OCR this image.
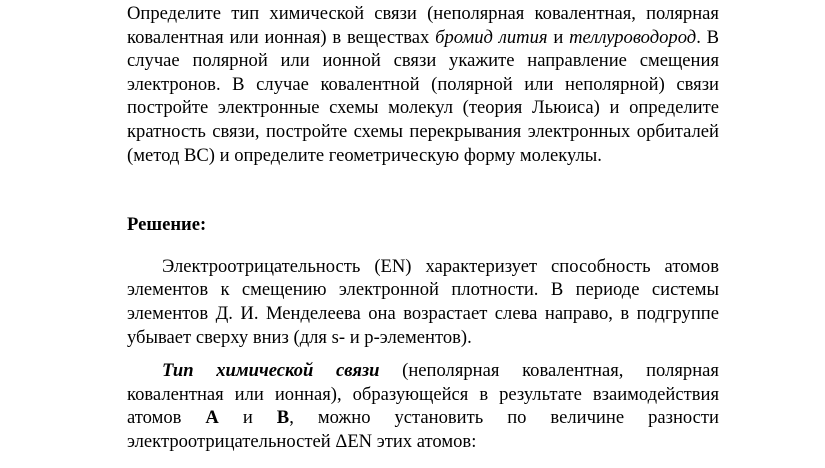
Определите тип химической связи (неполярная ковалентная, полярная ковалентная или ионная) в веществах бромид лития и теллуроводород. В случае полярной или ионной связи укажите направление смещения электронов. В случае ковалентной (полярной или неполярной) связи постройте электронные схемы молекул (теория Льюиса) и определите кратность связи, постройте схемы перекрывания электронных орбиталей (метод ВС) и определите геометрическую форму молекулы.

Решение:

Электроотрицательность (EN) характеризует способность атомов элементов к смещению электронной плотности. В периоде системы элементов Д. И. Менделеева она возрастает слева направо, в подгруппе убывает сверху вниз (для s- и p-элементов).

Тип химической связи (неполярная ковалентная, полярная ковалентная или ионная), образующейся в результате взаимодействия атомов А и В, можно установить по величине разности электроотрицательностей ΔEN этих атомов:
